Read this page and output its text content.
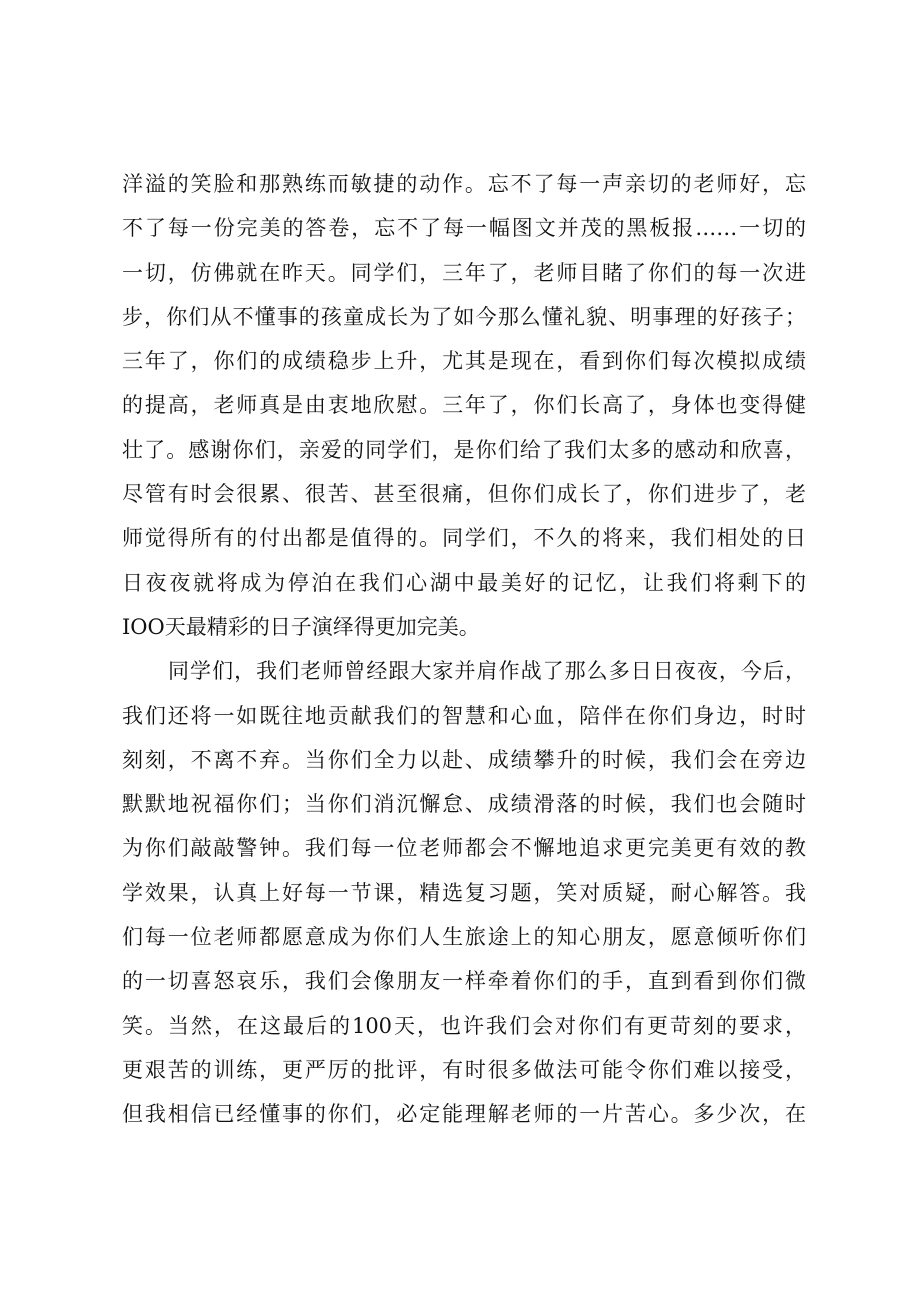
洋溢的笑脸和那熟练而敏捷的动作。忘不了每一声亲切的老师好，忘
不了每一份完美的答卷，忘不了每一幅图文并茂的黑板报……一切的
一切，仿佛就在昨天。同学们，三年了，老师目睹了你们的每一次进
步，你们从不懂事的孩童成长为了如今那么懂礼貌、明事理的好孩子；
三年了，你们的成绩稳步上升，尤其是现在，看到你们每次模拟成绩
的提高，老师真是由衷地欣慰。三年了，你们长高了，身体也变得健
壮了。感谢你们，亲爱的同学们，是你们给了我们太多的感动和欣喜，
尽管有时会很累、很苦、甚至很痛，但你们成长了，你们进步了，老
师觉得所有的付出都是值得的。同学们，不久的将来，我们相处的日
日夜夜就将成为停泊在我们心湖中最美好的记忆，让我们将剩下的
IOO天最精彩的日子演绎得更加完美。
同学们，我们老师曾经跟大家并肩作战了那么多日日夜夜，今后，
我们还将一如既往地贡献我们的智慧和心血，陪伴在你们身边，时时
刻刻，不离不弃。当你们全力以赴、成绩攀升的时候，我们会在旁边
默默地祝福你们；当你们消沉懈怠、成绩滑落的时候，我们也会随时
为你们敲敲警钟。我们每一位老师都会不懈地追求更完美更有效的教
学效果，认真上好每一节课，精选复习题，笑对质疑，耐心解答。我
们每一位老师都愿意成为你们人生旅途上的知心朋友，愿意倾听你们
的一切喜怒哀乐，我们会像朋友一样牵着你们的手，直到看到你们微
笑。当然，在这最后的100天，也许我们会对你们有更苛刻的要求，
更艰苦的训练，更严厉的批评，有时很多做法可能令你们难以接受，
但我相信已经懂事的你们，必定能理解老师的一片苦心。多少次，在
